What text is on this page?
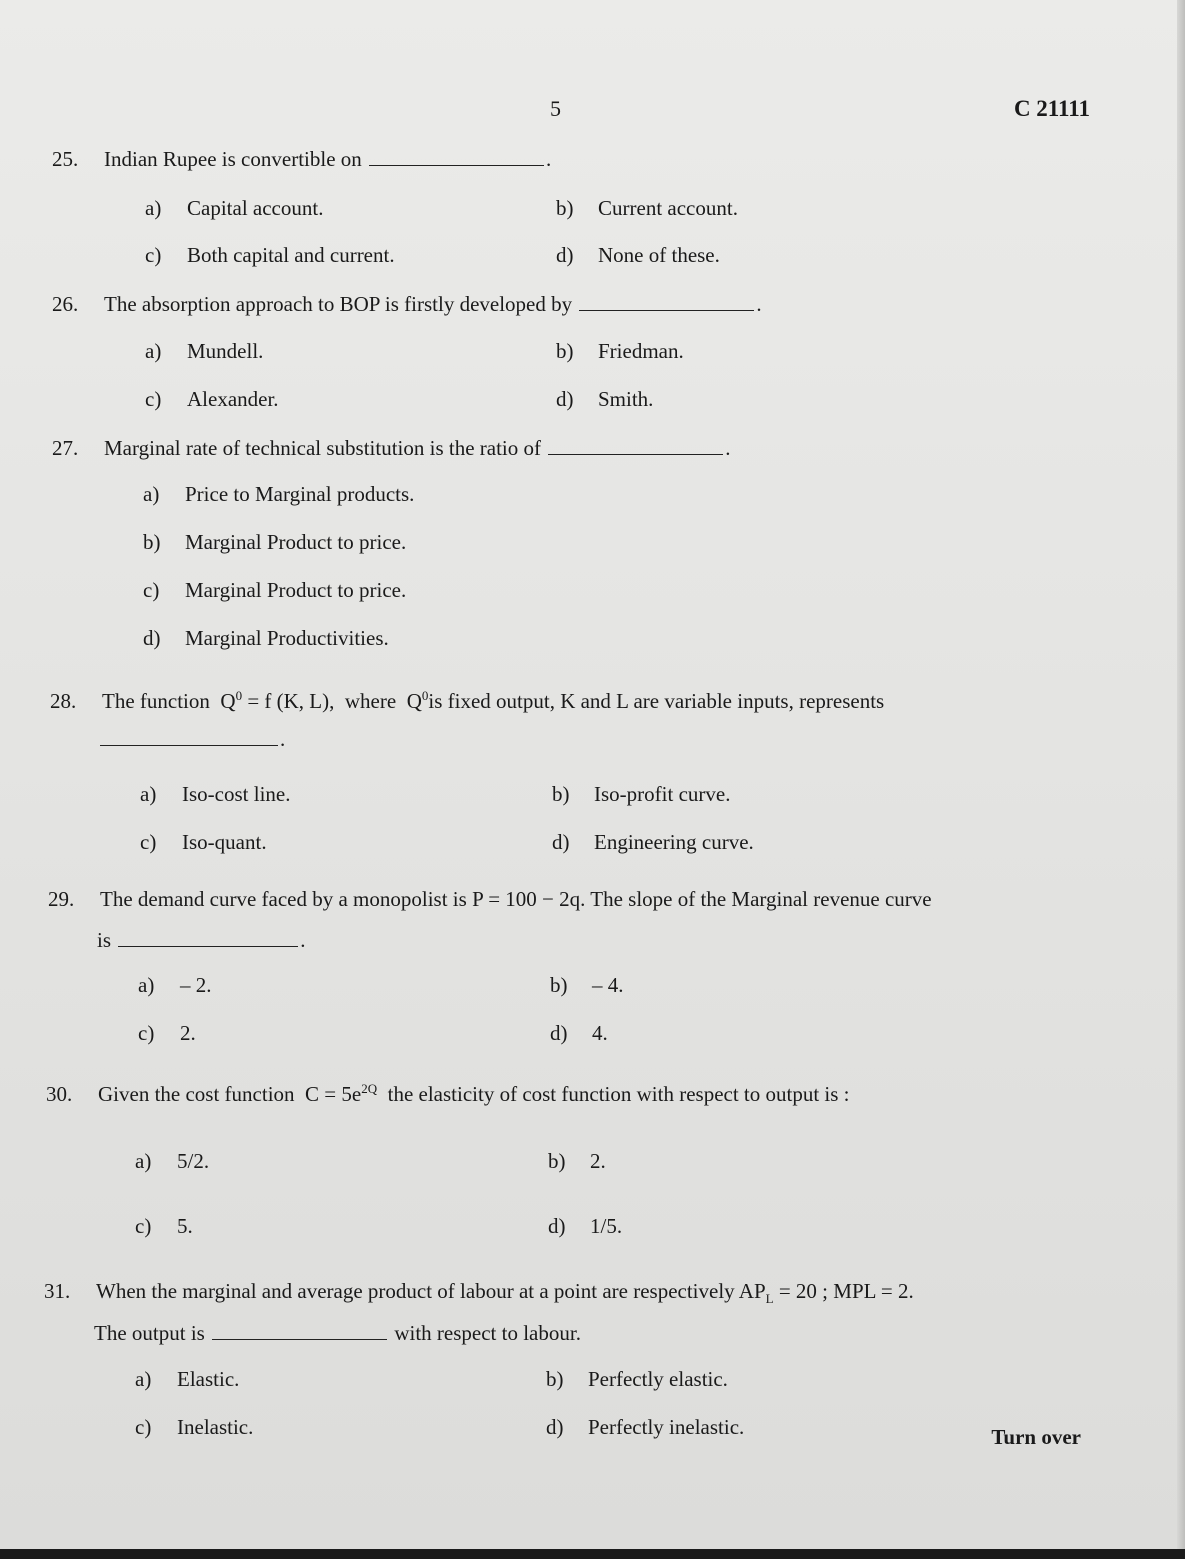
5	C 21111
25. Indian Rupee is convertible on	.
a) Capital account.	b) Current account.
c) Both capital and current.	d) None of these.
26. The absorption approach to BOP is firstly developed by	.
a) Mundell.	b) Friedman.
c) Alexander.	d) Smith.
27. Marginal rate of technical substitution is the ratio of	.
a) Price to Marginal products.
b) Marginal Product to price.
c) Marginal Product to price.
d) Marginal Productivities.
28. The function $Q^0 = f$ (K, L), where $Q^0is$ fixed output, K and L are variable inputs, represents
.
a) Iso-cost line.	b) Iso-profit curve.
c) Iso-quant.	d) Engineering curve.
29. The demand curve faced by a monopolist is P = 100 − 2q. The slope of the Marginal revenue curve
is	.
a) – 2.	b) – 4.
c) 2.	d) 4.
30. Given the cost function $C = 5e^{2Q}$ the elasticity of cost function with respect to output is :
a) 5/2.	b) 2.
c) 5.	d) 1/5.
31. When the marginal and average product of labour at a point are respectively $AP_L = 20$ ; MPL = 2.
The output is	with respect to labour.
a) Elastic.	b) Perfectly elastic.
c) Inelastic.	d) Perfectly inelastic.	Turn over
